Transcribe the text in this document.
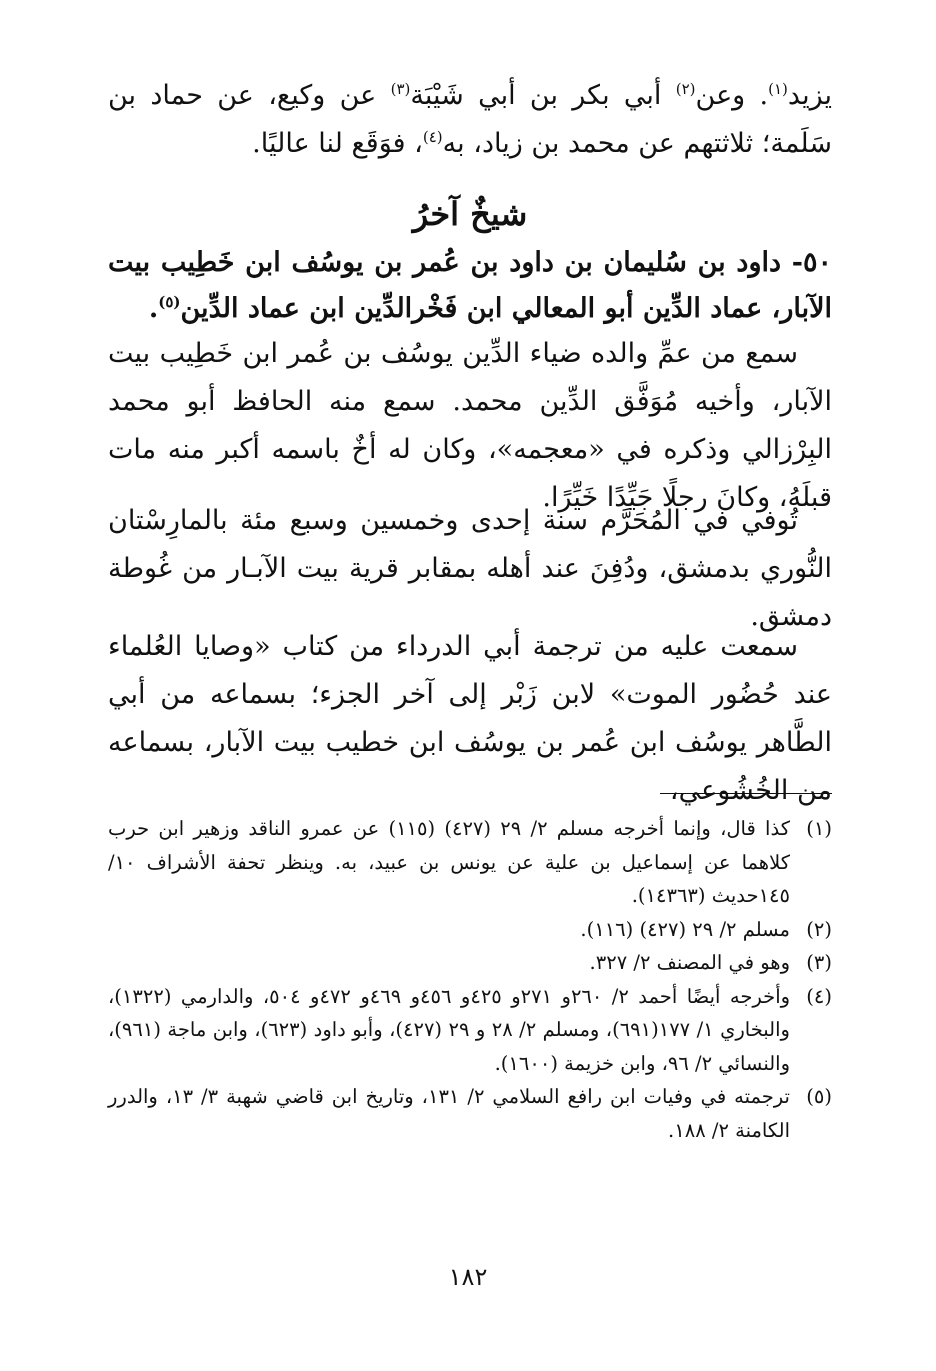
يزيد$^{(١)}$. وعن$^{(٢)}$ أبي بكر بن أبي شَيْبَة$^{(٣)}$ عن وكيع، عن حماد بن سَلَمة؛ ثلاثتهم عن محمد بن زياد، به$^{(٤)}$، فوَقَع لنا عاليًا.
شيخٌ آخرُ
٥٠- داود بن سُليمان بن داود بن عُمر بن يوسُف ابن خَطِيب بيت الآبار، عماد الدِّين أبو المعالي ابن فَخْرالدِّين ابن عماد الدِّين$^{(٥)}$.
سمع من عمِّ والده ضياء الدِّين يوسُف بن عُمر ابن خَطِيب بيت الآبار، وأخيه مُوَفَّق الدِّين محمد. سمع منه الحافظ أبو محمد البِرْزالي وذكره في «معجمه»، وكان له أخٌ باسمه أكبر منه مات قبلَهُ، وكانَ رجلًا جَيِّدًا خَيِّرًا.
تُوفي في المُحَرَّم سنة إحدى وخمسين وسبع مئة بالمارِسْتان النُّوري بدمشق، ودُفِنَ عند أهله بمقابر قرية بيت الآبـار من غُوطة دمشق.
سمعت عليه من ترجمة أبي الدرداء من كتاب «وصايا العُلماء عند حُضُور الموت» لابن زَبْر إلى آخر الجزء؛ بسماعه من أبي الطَّاهر يوسُف ابن عُمر بن يوسُف ابن خطيب بيت الآبار، بسماعه من الخُشُوعي،
(١)
كذا قال، وإنما أخرجه مسلم ٢/ ٢٩ (٤٢٧) (١١٥) عن عمرو الناقد وزهير ابن حرب كلاهما عن إسماعيل بن علية عن يونس بن عبيد، به. وينظر تحفة الأشراف ١٠/ ١٤٥حديث (١٤٣٦٣).
(٢)
مسلم ٢/ ٢٩ (٤٢٧) (١١٦).
(٣)
وهو في المصنف ٢/ ٣٢٧.
(٤)
وأخرجه أيضًا أحمد ٢/ ٢٦٠و ٢٧١و ٤٢٥و ٤٥٦و ٤٦٩و ٤٧٢و ٥٠٤، والدارمي (١٣٢٢)، والبخاري ١/ ١٧٧(٦٩١)، ومسلم ٢/ ٢٨ و ٢٩ (٤٢٧)، وأبو داود (٦٢٣)، وابن ماجة (٩٦١)، والنسائي ٢/ ٩٦، وابن خزيمة (١٦٠٠).
(٥)
ترجمته في وفيات ابن رافع السلامي ٢/ ١٣١، وتاريخ ابن قاضي شهبة ٣/ ١٣، والدرر الكامنة ٢/ ١٨٨.
١٨٢
